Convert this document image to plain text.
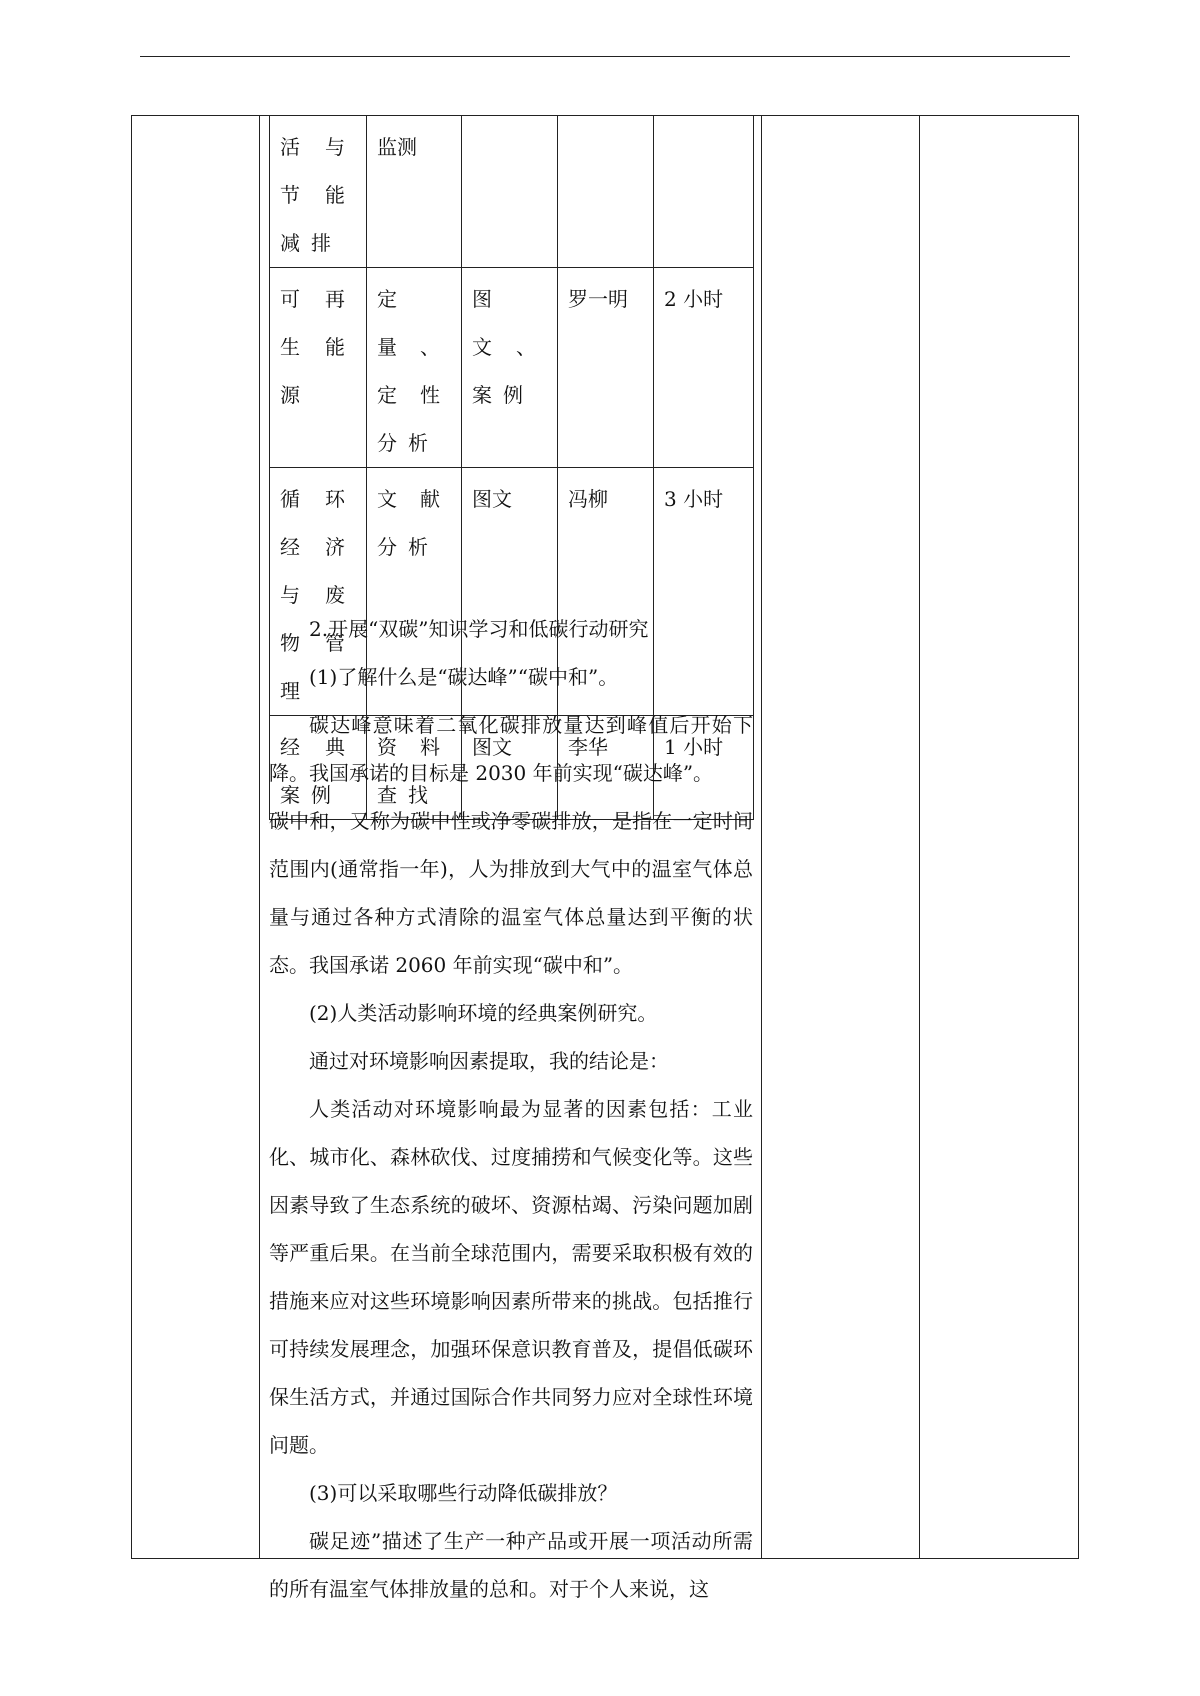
活与节能减排	监测			
可再生能源	定量、定性分析	图文、案例	罗一明	2 小时
循环经济与废物管理	文献分析	图文	冯柳	3 小时
经典案例	资料查找	图文	李华	1 小时

2.开展“双碳”知识学习和低碳行动研究

(1)了解什么是“碳达峰”“碳中和”。

碳达峰意味着二氧化碳排放量达到峰值后开始下降。我国承诺的目标是 2030 年前实现“碳达峰”。

碳中和，又称为碳中性或净零碳排放，是指在一定时间范围内(通常指一年)，人为排放到大气中的温室气体总量与通过各种方式清除的温室气体总量达到平衡的状态。我国承诺 2060 年前实现“碳中和”。

(2)人类活动影响环境的经典案例研究。

通过对环境影响因素提取，我的结论是：

人类活动对环境影响最为显著的因素包括：工业化、城市化、森林砍伐、过度捕捞和气候变化等。这些因素导致了生态系统的破坏、资源枯竭、污染问题加剧等严重后果。在当前全球范围内，需要采取积极有效的措施来应对这些环境影响因素所带来的挑战。包括推行可持续发展理念，加强环保意识教育普及，提倡低碳环保生活方式，并通过国际合作共同努力应对全球性环境问题。

(3)可以采取哪些行动降低碳排放？

碳足迹”描述了生产一种产品或开展一项活动所需的所有温室气体排放量的总和。对于个人来说，这
